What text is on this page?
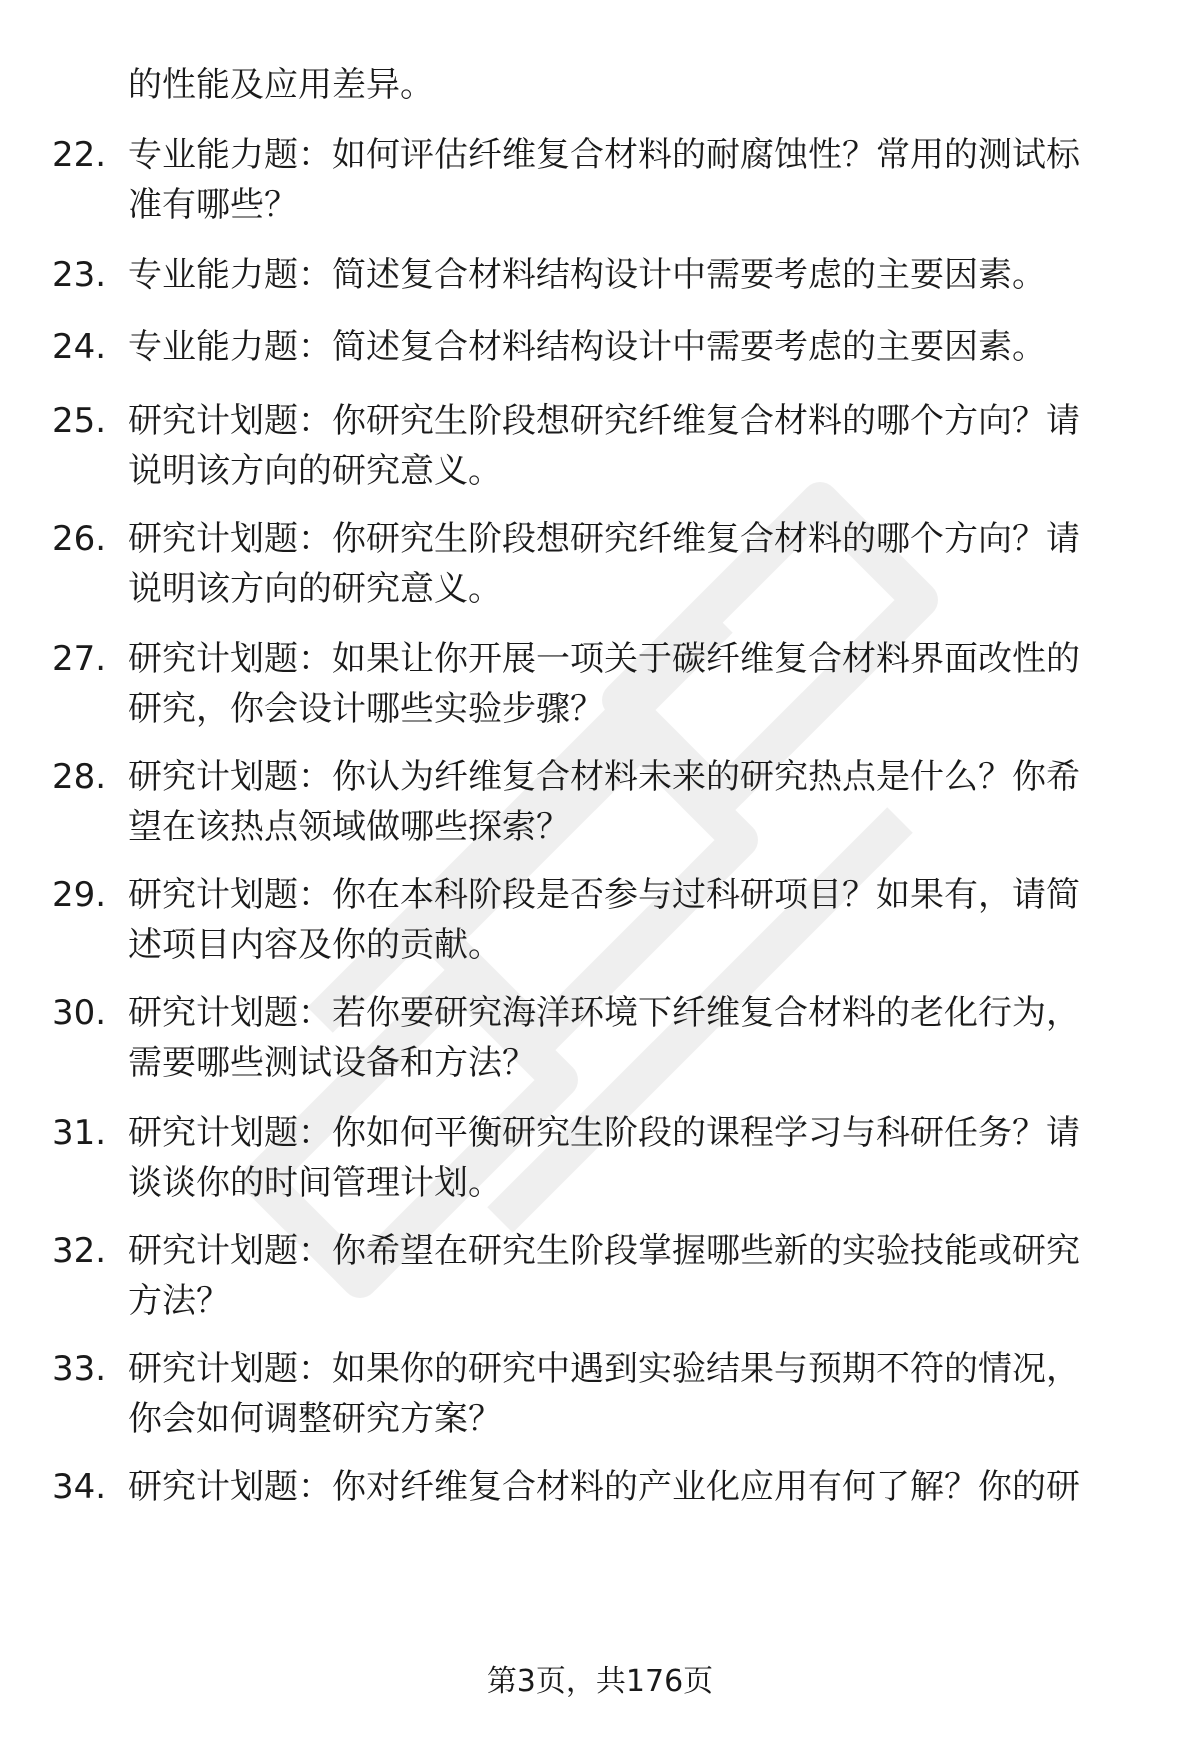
的性能及应用差异。
22. 专业能力题：如何评估纤维复合材料的耐腐蚀性？常用的测试标
准有哪些？
23. 专业能力题：简述复合材料结构设计中需要考虑的主要因素。
24. 专业能力题：简述复合材料结构设计中需要考虑的主要因素。
25. 研究计划题：你研究生阶段想研究纤维复合材料的哪个方向？请
说明该方向的研究意义。
26. 研究计划题：你研究生阶段想研究纤维复合材料的哪个方向？请
说明该方向的研究意义。
27. 研究计划题：如果让你开展一项关于碳纤维复合材料界面改性的
研究，你会设计哪些实验步骤？
28. 研究计划题：你认为纤维复合材料未来的研究热点是什么？你希
望在该热点领域做哪些探索？
29. 研究计划题：你在本科阶段是否参与过科研项目？如果有，请简
述项目内容及你的贡献。
30. 研究计划题：若你要研究海洋环境下纤维复合材料的老化行为，
需要哪些测试设备和方法？
31. 研究计划题：你如何平衡研究生阶段的课程学习与科研任务？请
谈谈你的时间管理计划。
32. 研究计划题：你希望在研究生阶段掌握哪些新的实验技能或研究
方法？
33. 研究计划题：如果你的研究中遇到实验结果与预期不符的情况，
你会如何调整研究方案？
34. 研究计划题：你对纤维复合材料的产业化应用有何了解？你的研
第3页，共176页
